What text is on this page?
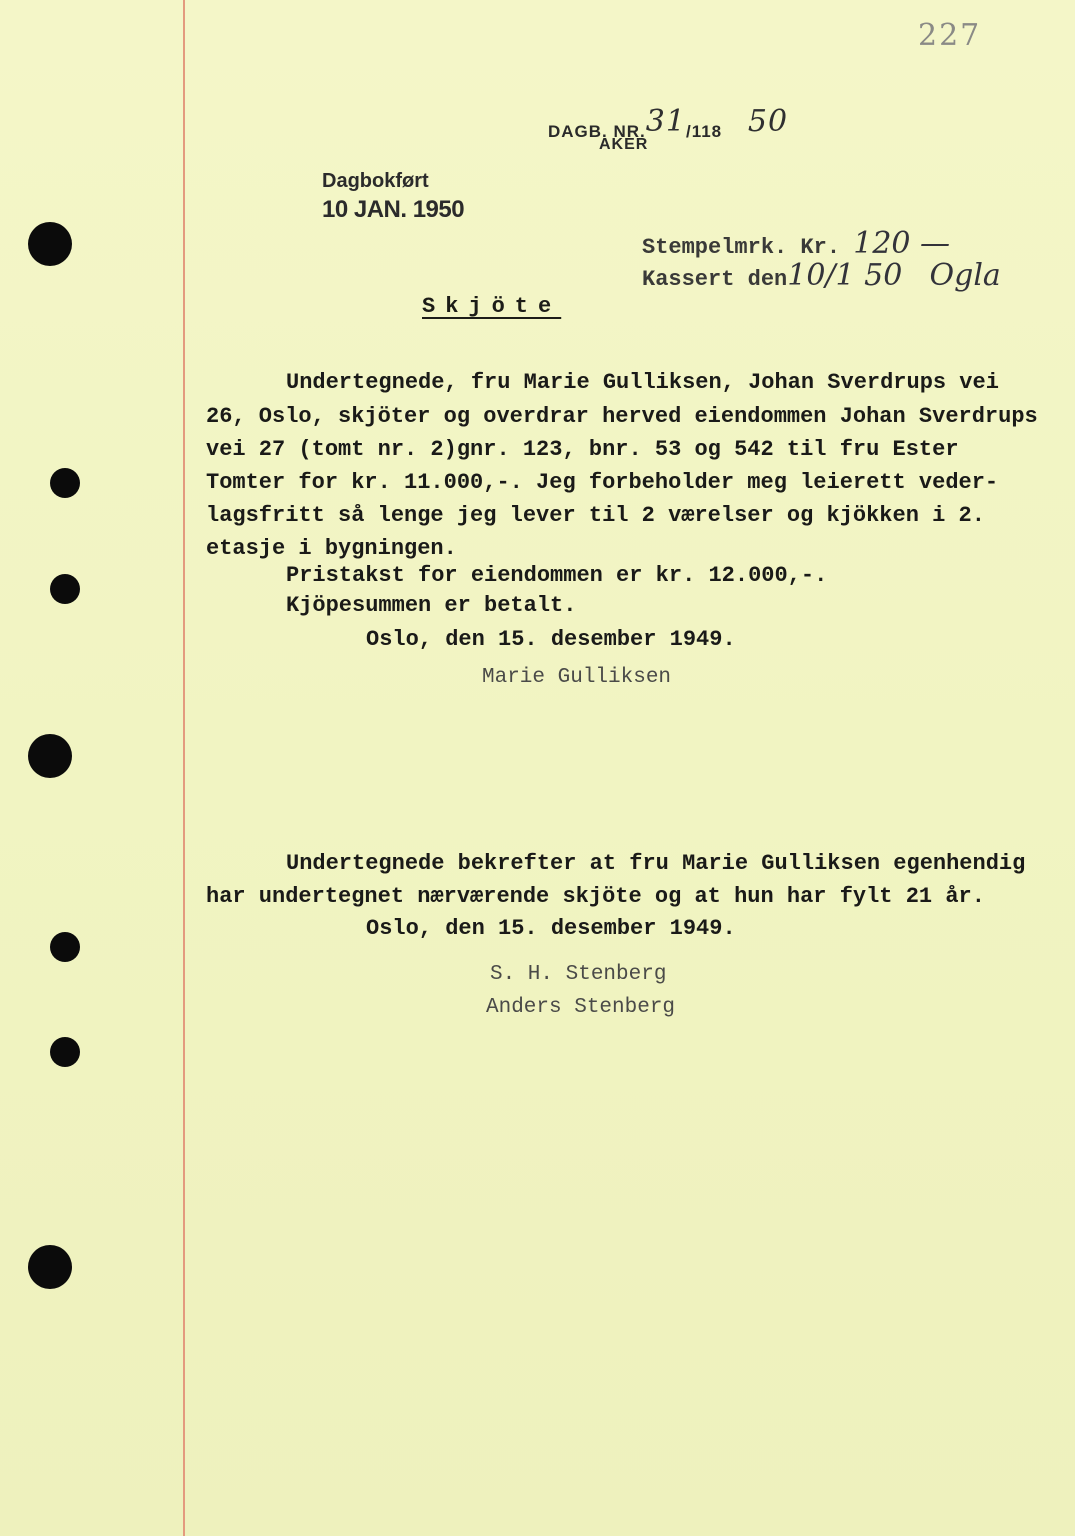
227
DAGB. NR.31/118 50
AKER
Dagbokført
10 JAN. 1950
Stempelmrk. Kr. 120 —
Kassert den10/1 50 Ogla
Skjöte
Undertegnede, fru Marie Gulliksen, Johan Sverdrups vei
26, Oslo, skjöter og overdrar herved eiendommen Johan Sverdrups
vei 27 (tomt nr. 2)gnr. 123, bnr. 53 og 542 til fru Ester
Tomter for kr. 11.000,-. Jeg forbeholder meg leierett veder-
lagsfritt så lenge jeg lever til 2 værelser og kjökken i 2.
etasje i bygningen.
Pristakst for eiendommen er kr. 12.000,-.
Kjöpesummen er betalt.
Oslo, den 15. desember 1949.
Marie Gulliksen
Undertegnede bekrefter at fru Marie Gulliksen egenhendig
har undertegnet nærværende skjöte og at hun har fylt 21 år.
Oslo, den 15. desember 1949.
S. H. Stenberg
Anders Stenberg
